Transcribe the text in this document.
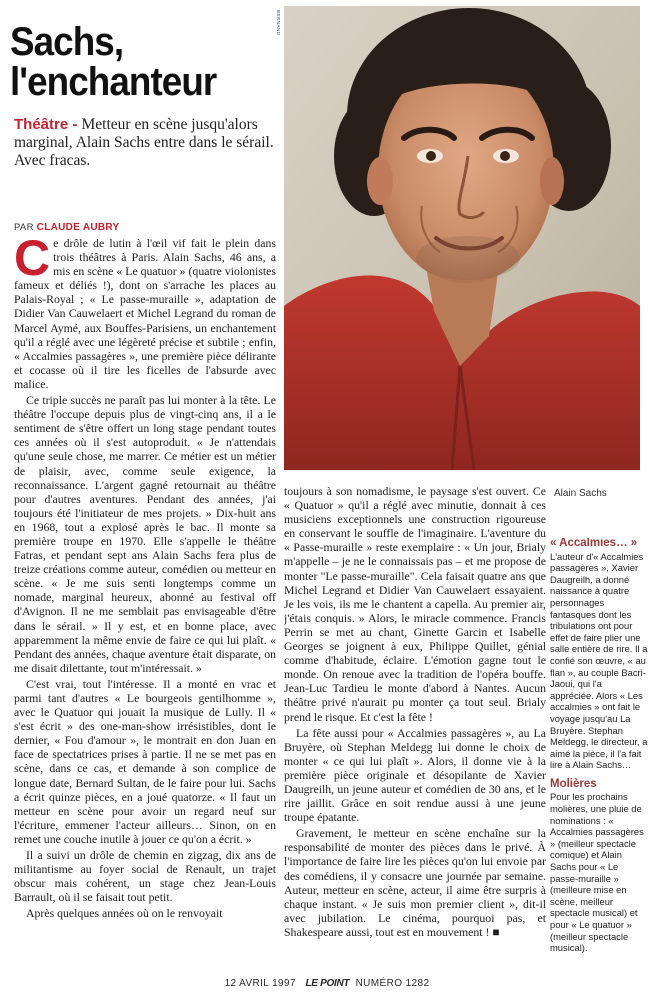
Sachs,
l'enchanteur
Théâtre - Metteur en scène jusqu'alors marginal, Alain Sachs entre dans le sérail. Avec fracas.
PAR CLAUDE AUBRY

Ce drôle de lutin à l'œil vif fait le plein dans trois théâtres à Paris. Alain Sachs, 46 ans, a mis en scène « Le quatuor » (quatre violonistes fameux et déliés !), dont on s'arrache les places au Palais-Royal ; « Le passe-muraille », adaptation de Didier Van Cauwelaert et Michel Legrand du roman de Marcel Aymé, aux Bouffes-Parisiens, un enchantement qu'il a réglé avec une légèreté précise et subtile ; enfin, « Accalmies passagères », une première pièce délirante et cocasse où il tire les ficelles de l'absurde avec malice.

Ce triple succès ne paraît pas lui monter à la tête. Le théâtre l'occupe depuis plus de vingt-cinq ans, il a le sentiment de s'être offert un long stage pendant toutes ces années où il s'est autoproduit. « Je n'attendais qu'une seule chose, me marrer. Ce métier est un métier de plaisir, avec, comme seule exigence, la reconnaissance. L'argent gagné retournait au théâtre pour d'autres aventures. Pendant des années, j'ai toujours été l'initiateur de mes projets. » Dix-huit ans en 1968, tout a explosé après le bac. Il monte sa première troupe en 1970. Elle s'appelle le théâtre Fatras, et pendant sept ans Alain Sachs fera plus de treize créations comme auteur, comédien ou metteur en scène. « Je me suis senti longtemps comme un nomade, marginal heureux, abonné au festival off d'Avignon. Il ne me semblait pas envisageable d'être dans le sérail. » Il y est, et en bonne place, avec apparemment la même envie de faire ce qui lui plaît. « Pendant des années, chaque aventure était disparate, on me disait dilettante, tout m'intéressait. »

C'est vrai, tout l'intéresse. Il a monté en vrac et parmi tant d'autres « Le bourgeois gentilhomme », avec le Quatuor qui jouait la musique de Lully. Il « s'est écrit » des one-man-show irrésistibles, dont le dernier, « Fou d'amour », le montrait en don Juan en face de spectatrices prises à partie. Il ne se met pas en scène, dans ce cas, et demande à son complice de longue date, Bernard Sultan, de le faire pour lui. Sachs a écrit quinze pièces, en a joué quatorze. « Il faut un metteur en scène pour avoir un regard neuf sur l'écriture, emmener l'acteur ailleurs… Sinon, on en remet une couche inutile à jouer ce qu'on a écrit. »

Il a suivi un drôle de chemin en zigzag, dix ans de militantisme au foyer social de Renault, un trajet obscur mais cohérent, un stage chez Jean-Louis Barrault, où il se faisait tout petit.

Après quelques années où on le renvoyait

BERNAND
Alain Sachs

toujours à son nomadisme, le paysage s'est ouvert. Ce « Quatuor » qu'il a réglé avec minutie, donnait à ces musiciens exceptionnels une construction rigoureuse en conservant le souffle de l'imaginaire. L'aventure du « Passe-muraille » reste exemplaire : « Un jour, Brialy m'appelle – je ne le connaissais pas – et me propose de monter "Le passe-muraille". Cela faisait quatre ans que Michel Legrand et Didier Van Cauwelaert essayaient. Je les vois, ils me le chantent a capella. Au premier air, j'étais conquis. » Alors, le miracle commence. Francis Perrin se met au chant, Ginette Garcin et Isabelle Georges se joignent à eux, Philippe Quillet, génial comme d'habitude, éclaire. L'émotion gagne tout le monde. On renoue avec la tradition de l'opéra bouffe. Jean-Luc Tardieu le monte d'abord à Nantes. Aucun théâtre privé n'aurait pu monter ça tout seul. Brialy prend le risque. Et c'est la fête !

La fête aussi pour « Accalmies passagères », au La Bruyère, où Stephan Meldegg lui donne le choix de monter « ce qui lui plaît ». Alors, il donne vie à la première pièce originale et désopilante de Xavier Daugreilh, un jeune auteur et comédien de 30 ans, et le rire jaillit. Grâce en soit rendue aussi à une jeune troupe épatante.

Gravement, le metteur en scène enchaîne sur la responsabilité de monter des pièces dans le privé. À l'importance de faire lire les pièces qu'on lui envoie par des comédiens, il y consacre une journée par semaine. Auteur, metteur en scène, acteur, il aime être surpris à chaque instant. « Je suis mon premier client », dit-il avec jubilation. Le cinéma, pourquoi pas, et Shakespeare aussi, tout est en mouvement ! ■

« Accalmies… »

L'auteur d'« Accalmies passagères », Xavier Daugreilh, a donné naissance à quatre personnages fantasques dont les tribulations ont pour effet de faire plier une salle entière de rire. Il a confié son œuvre, « au flan », au couple Bacri-Jaoui, qui l'a appréciée. Alors « Les accalmies » ont fait le voyage jusqu'au La Bruyère. Stephan Meldegg, le directeur, a aimé la pièce, il l'a fait lire à Alain Sachs…

Molières

Pour les prochains molières, une pluie de nominations : « Accalmies passagères » (meilleur spectacle comique) et Alain Sachs pour « Le passe-muraille » (meilleure mise en scène, meilleur spectacle musical) et pour « Le quatuor » (meilleur spectacle musical).

12 AVRIL 1997 LE POINT NUMÉRO 1282
